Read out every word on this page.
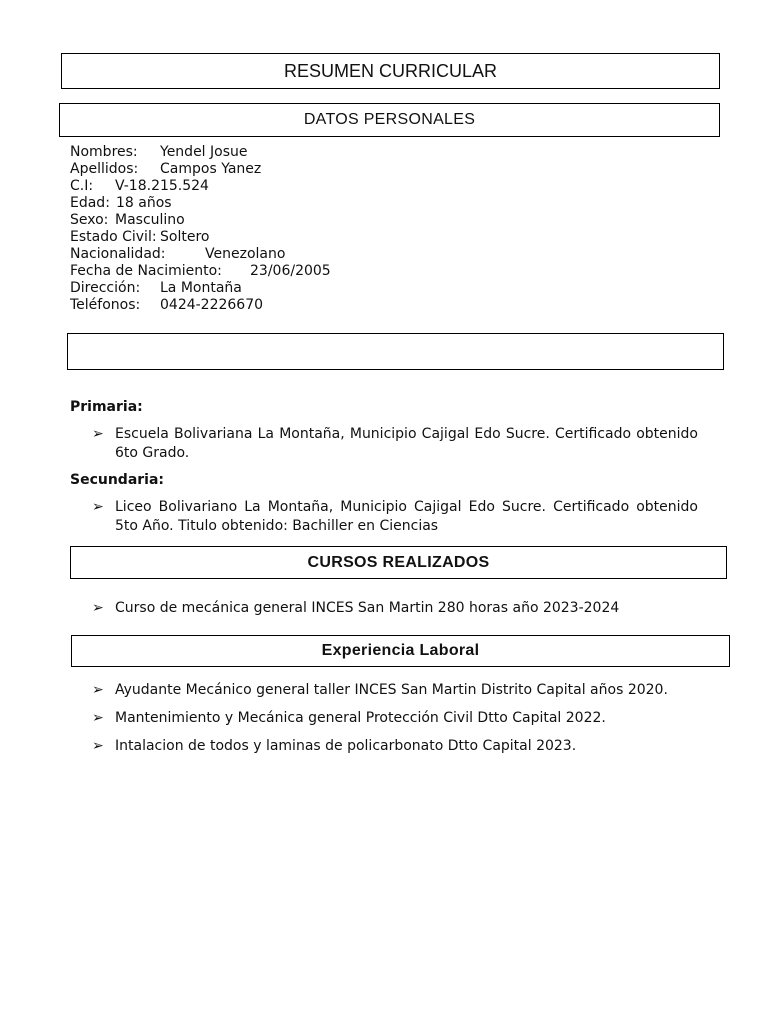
RESUMEN CURRICULAR
DATOS PERSONALES
Nombres: Yendel Josue
Apellidos: Campos Yanez
C.I: V-18.215.524
Edad: 18 años
Sexo: Masculino
Estado Civil: Soltero
Nacionalidad:	Venezolano
Fecha de Nacimiento: 23/06/2005
Dirección: La Montaña
Teléfonos: 0424-2226670
Primaria:
➢ Escuela Bolivariana La Montaña, Municipio Cajigal Edo Sucre. Certificado obtenido 6to Grado.
Secundaria:
➢ Liceo Bolivariano La Montaña, Municipio Cajigal Edo Sucre. Certificado obtenido 5to Año. Titulo obtenido: Bachiller en Ciencias
CURSOS REALIZADOS
➢ Curso de mecánica general INCES San Martin 280 horas año 2023-2024
Experiencia Laboral
➢ Ayudante Mecánico general taller INCES San Martin Distrito Capital años 2020.
➢ Mantenimiento y Mecánica general Protección Civil Dtto Capital 2022.
➢ Intalacion de todos y laminas de policarbonato Dtto Capital 2023.
